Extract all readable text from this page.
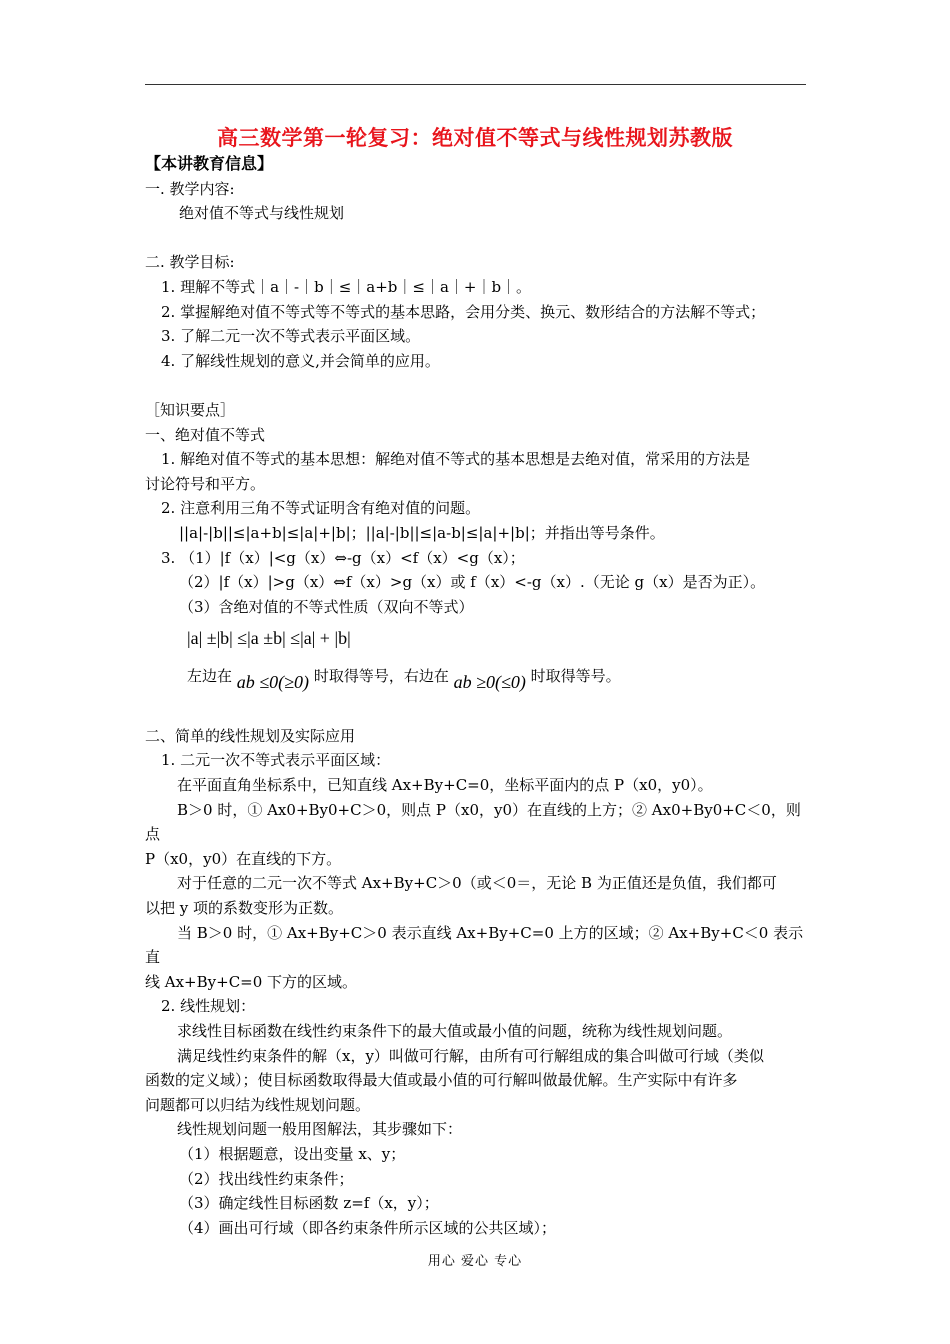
高三数学第一轮复习：绝对值不等式与线性规划苏教版

【本讲教育信息】

一. 教学内容:

绝对值不等式与线性规划

二. 教学目标:

1. 理解不等式｜a｜-｜b｜≤｜a+b｜≤｜a｜+｜b｜。

2. 掌握解绝对值不等式等不等式的基本思路，会用分类、换元、数形结合的方法解不等式；

3. 了解二元一次不等式表示平面区域。

4. 了解线性规划的意义,并会简单的应用。

［知识要点］

一、绝对值不等式

1. 解绝对值不等式的基本思想：解绝对值不等式的基本思想是去绝对值，常采用的方法是

讨论符号和平方。

2. 注意利用三角不等式证明含有绝对值的问题。

||a|-|b||≤|a+b|≤|a|+|b|；||a|-|b||≤|a-b|≤|a|+|b|；并指出等号条件。

3. （1）|f（x）|<g（x）⇔-g（x）<f（x）<g（x）；

（2）|f（x）|>g（x）⇔f（x）>g（x）或 f（x）<-g（x）.（无论 g（x）是否为正）。

（3）含绝对值的不等式性质（双向不等式）

|a| ±|b| ≤|a ±b| ≤|a| + |b|

左边在 ab ≤0(≥0) 时取得等号，右边在 ab ≥0(≤0) 时取得等号。

二、简单的线性规划及实际应用

1. 二元一次不等式表示平面区域：

在平面直角坐标系中，已知直线 Ax+By+C=0，坐标平面内的点 P（x0，y0）。

B＞0 时，① Ax0+By0+C＞0，则点 P（x0，y0）在直线的上方；② Ax0+By0+C＜0，则点

P（x0，y0）在直线的下方。

对于任意的二元一次不等式 Ax+By+C＞0（或＜0＝，无论 B 为正值还是负值，我们都可

以把 y 项的系数变形为正数。

当 B＞0 时，① Ax+By+C＞0 表示直线 Ax+By+C=0 上方的区域；② Ax+By+C＜0 表示直

线 Ax+By+C=0 下方的区域。

2. 线性规划：

求线性目标函数在线性约束条件下的最大值或最小值的问题，统称为线性规划问题。

满足线性约束条件的解（x，y）叫做可行解，由所有可行解组成的集合叫做可行域（类似

函数的定义域）；使目标函数取得最大值或最小值的可行解叫做最优解。生产实际中有许多

问题都可以归结为线性规划问题。

线性规划问题一般用图解法，其步骤如下：

（1）根据题意，设出变量 x、y；

（2）找出线性约束条件；

（3）确定线性目标函数 z=f（x，y）；

（4）画出可行域（即各约束条件所示区域的公共区域）；

用心 爱心 专心
